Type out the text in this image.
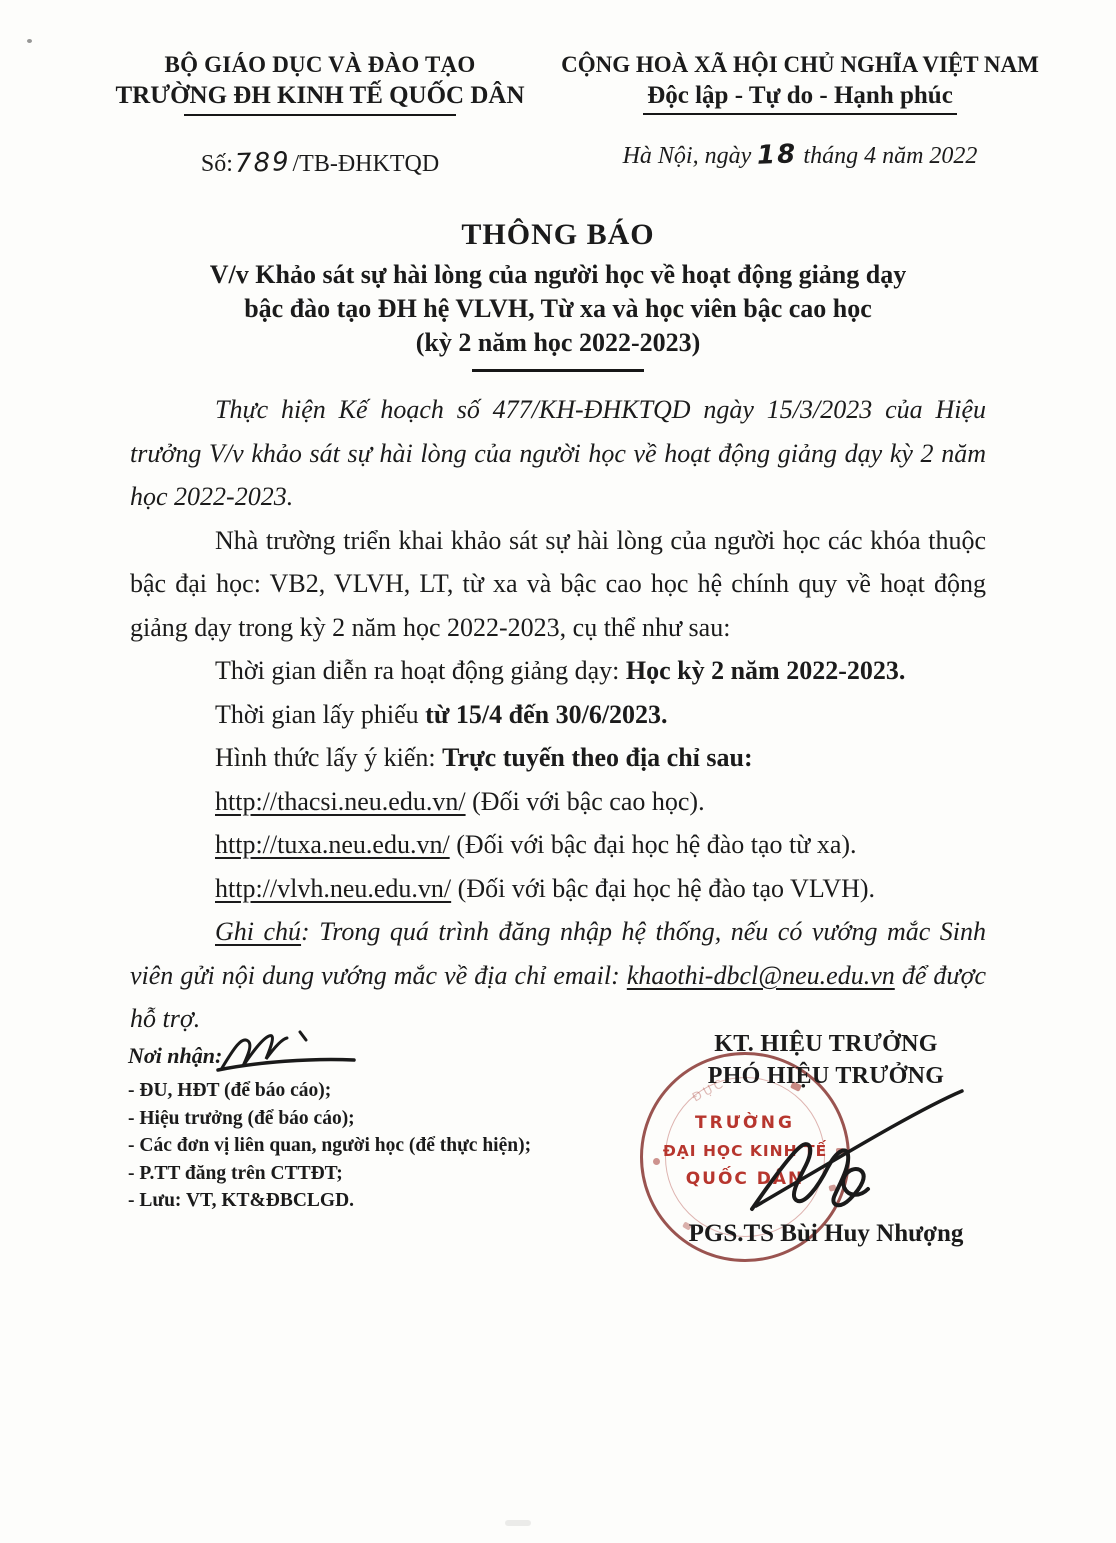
BỘ GIÁO DỤC VÀ ĐÀO TẠO
TRƯỜNG ĐH KINH TẾ QUỐC DÂN
CỘNG HOÀ XÃ HỘI CHỦ NGHĨA VIỆT NAM
Độc lập - Tự do - Hạnh phúc
Số:789/TB-ĐHKTQD	Hà Nội, ngày 18 tháng 4 năm 2022
THÔNG BÁO
V/v Khảo sát sự hài lòng của người học về hoạt động giảng dạy
bậc đào tạo ĐH hệ VLVH, Từ xa và học viên bậc cao học
(kỳ 2 năm học 2022-2023)

Thực hiện Kế hoạch số 477/KH-ĐHKTQD ngày 15/3/2023 của Hiệu trưởng V/v khảo sát sự hài lòng của người học về hoạt động giảng dạy kỳ 2 năm học 2022-2023.

Nhà trường triển khai khảo sát sự hài lòng của người học các khóa thuộc bậc đại học: VB2, VLVH, LT, từ xa và bậc cao học hệ chính quy về hoạt động giảng dạy trong kỳ 2 năm học 2022-2023, cụ thể như sau:

Thời gian diễn ra hoạt động giảng dạy: Học kỳ 2 năm 2022-2023.
Thời gian lấy phiếu từ 15/4 đến 30/6/2023.
Hình thức lấy ý kiến: Trực tuyến theo địa chỉ sau:
http://thacsi.neu.edu.vn/ (Đối với bậc cao học).
http://tuxa.neu.edu.vn/ (Đối với bậc đại học hệ đào tạo từ xa).
http://vlvh.neu.edu.vn/ (Đối với bậc đại học hệ đào tạo VLVH).

Ghi chú: Trong quá trình đăng nhập hệ thống, nếu có vướng mắc Sinh viên gửi nội dung vướng mắc về địa chỉ email: khaothi-dbcl@neu.edu.vn để được hỗ trợ.

Nơi nhận:
- ĐU, HĐT (để báo cáo);
- Hiệu trưởng (để báo cáo);
- Các đơn vị liên quan, người học (để thực hiện);
- P.TT đăng trên CTTĐT;
- Lưu: VT, KT&ĐBCLGD.
KT. HIỆU TRƯỞNG
PHÓ HIỆU TRƯỞNG
PGS.TS Bùi Huy Nhượng
TRƯỜNG
ĐẠI HỌC KINH TẾ
QUỐC DÂN
ĐỤC
